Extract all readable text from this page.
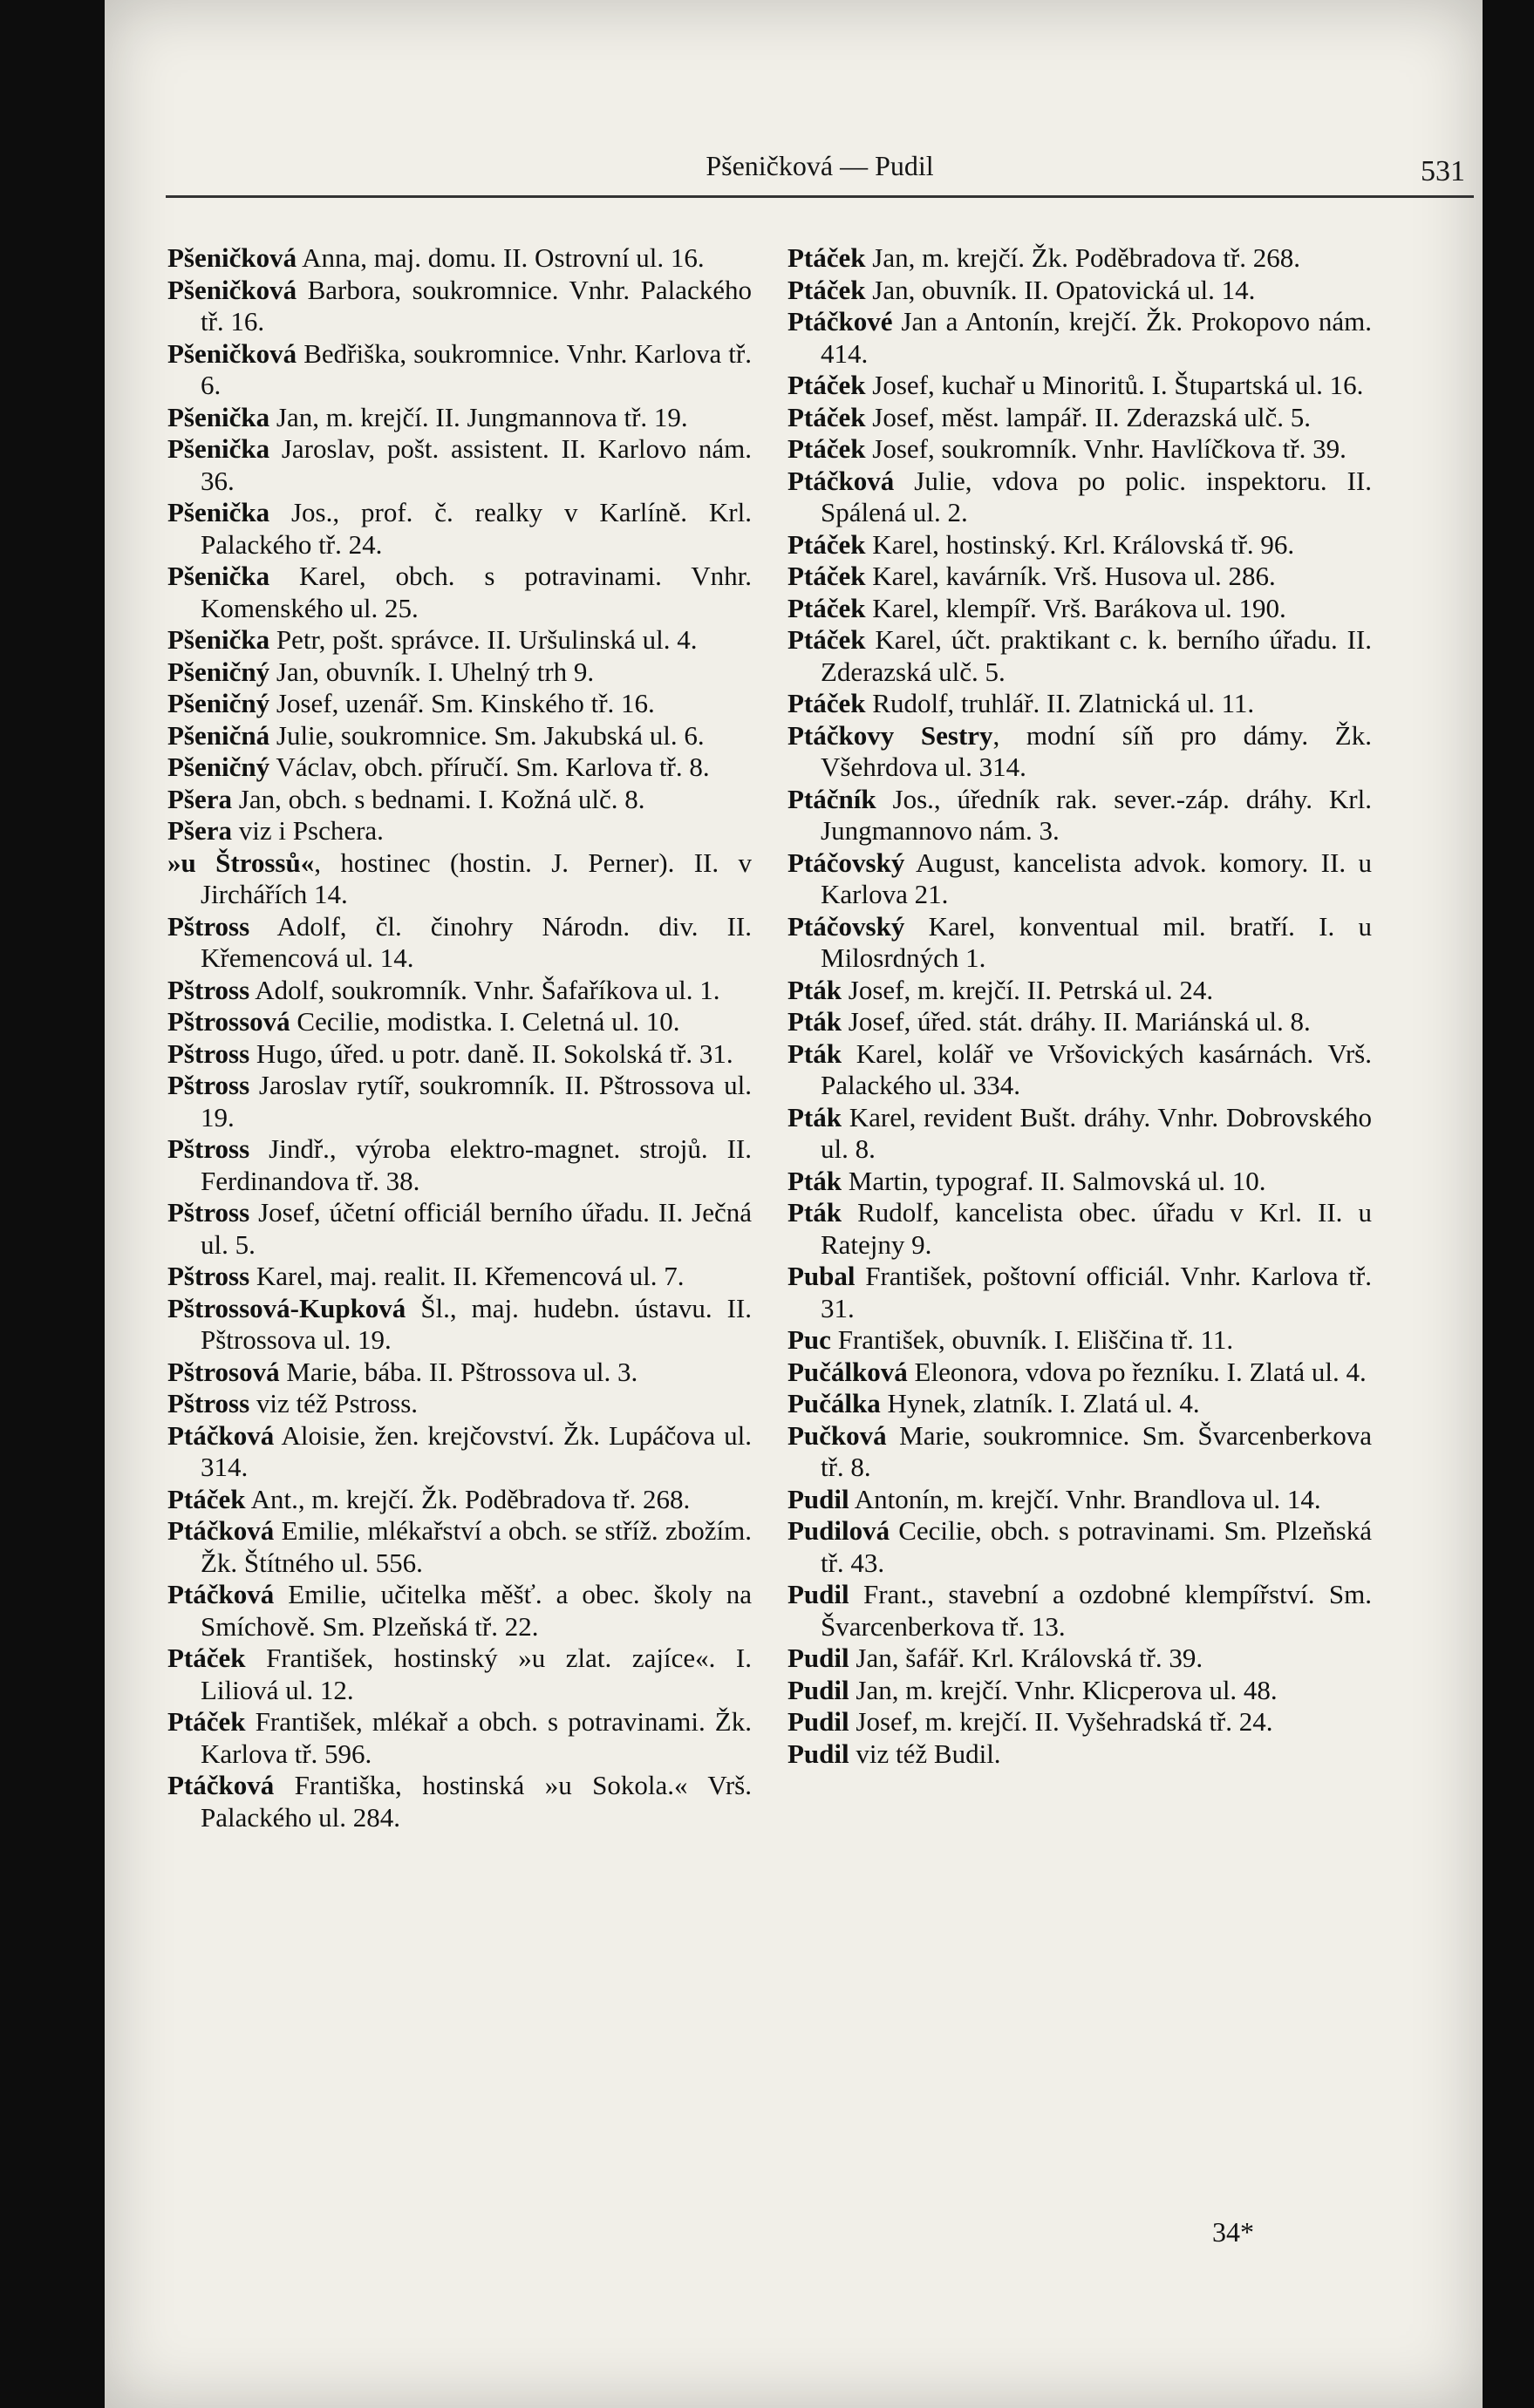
Pšeničková — Pudil	531

Pšeničková Anna, maj. domu. II. Ostrovní ul. 16.

Pšeničková Barbora, soukromnice. Vnhr. Palackého tř. 16.

Pšeničková Bedřiška, soukromnice. Vnhr. Karlova tř. 6.

Pšenička Jan, m. krejčí. II. Jungmannova tř. 19.

Pšenička Jaroslav, pošt. assistent. II. Karlovo nám. 36.

Pšenička Jos., prof. č. realky v Karlíně. Krl. Palackého tř. 24.

Pšenička Karel, obch. s potravinami. Vnhr. Komenského ul. 25.

Pšenička Petr, pošt. správce. II. Uršulinská ul. 4.

Pšeničný Jan, obuvník. I. Uhelný trh 9.

Pšeničný Josef, uzenář. Sm. Kinského tř. 16.

Pšeničná Julie, soukromnice. Sm. Jakubská ul. 6.

Pšeničný Václav, obch. příručí. Sm. Karlova tř. 8.

Pšera Jan, obch. s bednami. I. Kožná ulč. 8.

Pšera viz i Pschera.

»u Štrossů«, hostinec (hostin. J. Perner). II. v Jirchářích 14.

Pštross Adolf, čl. činohry Národn. div. II. Křemencová ul. 14.

Pštross Adolf, soukromník. Vnhr. Šafaříkova ul. 1.

Pštrossová Cecilie, modistka. I. Celetná ul. 10.

Pštross Hugo, úřed. u potr. daně. II. Sokolská tř. 31.

Pštross Jaroslav rytíř, soukromník. II. Pštrossova ul. 19.

Pštross Jindř., výroba elektro-magnet. strojů. II. Ferdinandova tř. 38.

Pštross Josef, účetní officiál berního úřadu. II. Ječná ul. 5.

Pštross Karel, maj. realit. II. Křemencová ul. 7.

Pštrossová-Kupková Šl., maj. hudebn. ústavu. II. Pštrossova ul. 19.

Pštrosová Marie, bába. II. Pštrossova ul. 3.

Pštross viz též Pstross.

Ptáčková Aloisie, žen. krejčovství. Žk. Lupáčova ul. 314.

Ptáček Ant., m. krejčí. Žk. Poděbradova tř. 268.

Ptáčková Emilie, mlékařství a obch. se stříž. zbožím. Žk. Štítného ul. 556.

Ptáčková Emilie, učitelka měšť. a obec. školy na Smíchově. Sm. Plzeňská tř. 22.

Ptáček František, hostinský »u zlat. zajíce«. I. Liliová ul. 12.

Ptáček František, mlékař a obch. s potravinami. Žk. Karlova tř. 596.

Ptáčková Františka, hostinská »u Sokola.« Vrš. Palackého ul. 284.

Ptáček Jan, m. krejčí. Žk. Poděbradova tř. 268.

Ptáček Jan, obuvník. II. Opatovická ul. 14.

Ptáčkové Jan a Antonín, krejčí. Žk. Prokopovo nám. 414.

Ptáček Josef, kuchař u Minoritů. I. Štupartská ul. 16.

Ptáček Josef, měst. lampář. II. Zderazská ulč. 5.

Ptáček Josef, soukromník. Vnhr. Havlíčkova tř. 39.

Ptáčková Julie, vdova po polic. inspektoru. II. Spálená ul. 2.

Ptáček Karel, hostinský. Krl. Královská tř. 96.

Ptáček Karel, kavárník. Vrš. Husova ul. 286.

Ptáček Karel, klempíř. Vrš. Barákova ul. 190.

Ptáček Karel, účt. praktikant c. k. berního úřadu. II. Zderazská ulč. 5.

Ptáček Rudolf, truhlář. II. Zlatnická ul. 11.

Ptáčkovy Sestry, modní síň pro dámy. Žk. Všehrdova ul. 314.

Ptáčník Jos., úředník rak. sever.-záp. dráhy. Krl. Jungmannovo nám. 3.

Ptáčovský August, kancelista advok. komory. II. u Karlova 21.

Ptáčovský Karel, konventual mil. bratří. I. u Milosrdných 1.

Pták Josef, m. krejčí. II. Petrská ul. 24.

Pták Josef, úřed. stát. dráhy. II. Mariánská ul. 8.

Pták Karel, kolář ve Vršovických kasárnách. Vrš. Palackého ul. 334.

Pták Karel, revident Bušt. dráhy. Vnhr. Dobrovského ul. 8.

Pták Martin, typograf. II. Salmovská ul. 10.

Pták Rudolf, kancelista obec. úřadu v Krl. II. u Ratejny 9.

Pubal František, poštovní officiál. Vnhr. Karlova tř. 31.

Puc František, obuvník. I. Eliščina tř. 11.

Pučálková Eleonora, vdova po řezníku. I. Zlatá ul. 4.

Pučálka Hynek, zlatník. I. Zlatá ul. 4.

Pučková Marie, soukromnice. Sm. Švarcenberkova tř. 8.

Pudil Antonín, m. krejčí. Vnhr. Brandlova ul. 14.

Pudilová Cecilie, obch. s potravinami. Sm. Plzeňská tř. 43.

Pudil Frant., stavební a ozdobné klempířství. Sm. Švarcenberkova tř. 13.

Pudil Jan, šafář. Krl. Královská tř. 39.

Pudil Jan, m. krejčí. Vnhr. Klicperova ul. 48.

Pudil Josef, m. krejčí. II. Vyšehradská tř. 24.

Pudil viz též Budil.

34*
